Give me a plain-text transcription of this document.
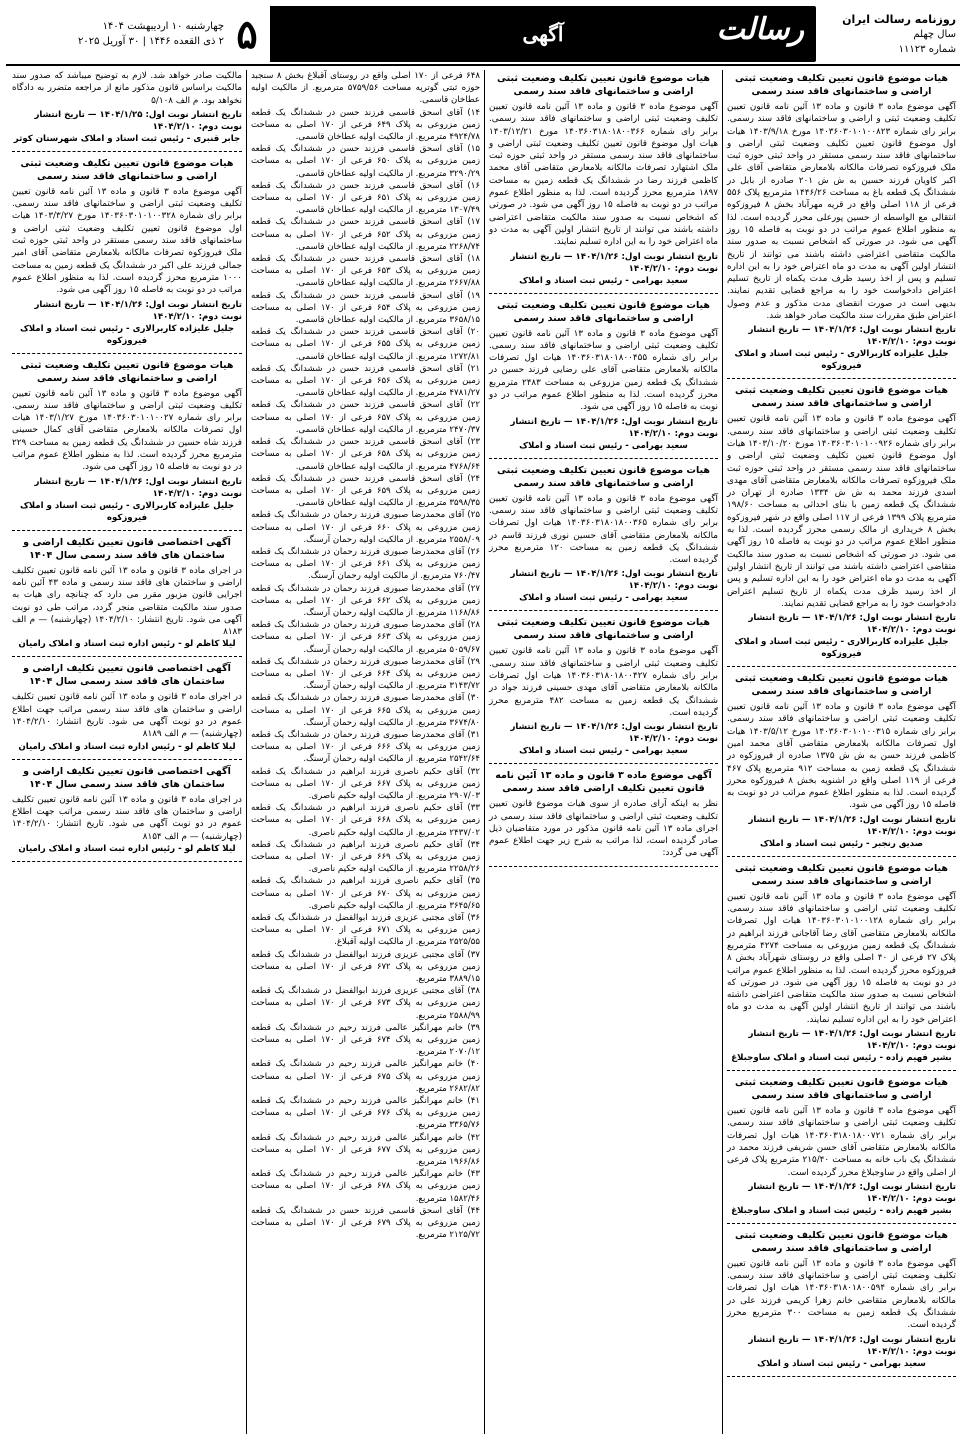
چهارشنبه ۱۰ اردیبهشت ۱۴۰۴
۲ ذی القعده ۱۴۴۶ | ۳۰ آوریل ۲۰۲۵ ۵	آگهی	رسالت	روزنامه رسالت ایران
سال چهلم
شماره ۱۱۱۲۳
هیات موضوع قانون تعیین تکلیف وضعیت ثبتی اراضی و ساختمانهای فاقد سند رسمی

آگهی موضوع ماده ۳ قانون و ماده ۱۳ آئین نامه قانون تعیین تکلیف وضعیت ثبتی و اراضی و ساختمانهای فاقد سند رسمی. برابر رای شماره ۱۴۰۳۶۰۳۰۱۰۱۰۰۸۲۳ مورخ ۱۴۰۳/۹/۱۸ هیات اول موضوع قانون تعیین تکلیف وضعیت ثبتی اراضی و ساختمانهای فاقد سند رسمی مستقر در واحد ثبتی حوزه ثبت ملک فیروزکوه تصرفات مالکانه بلامعارض متقاضی آقای علی اکبر کاویان فرزند حسین به ش ش ۲۰۱ صادره از بابل در ششدانگ یک قطعه باغ به مساحت ۱۴۴۶/۲۶ مترمربع پلاک ۵۵۶ فرعی از ۱۱۸ اصلی واقع در قریه مهرآباد بخش ۸ فیروزکوه انتقالی مع الواسطه از حسین پورعلی محرز گردیده است. لذا به منظور اطلاع عموم مراتب در دو نوبت به فاصله ۱۵ روز آگهی می شود. در صورتی که اشخاص نسبت به صدور سند مالکیت متقاضی اعتراضی داشته باشند می توانند از تاریخ انتشار اولین آگهی به مدت دو ماه اعتراض خود را به این اداره تسلیم و پس از اخذ رسید ظرف مدت یکماه از تاریخ تسلیم اعتراض دادخواست خود را به مراجع قضایی تقدیم نمایند. بدیهی است در صورت انقضای مدت مذکور و عدم وصول اعتراض طبق مقررات سند مالکیت صادر خواهد شد.

تاریخ انتشار نوبت اول: ۱۴۰۴/۱/۲۶ — تاریخ انتشار نوبت دوم: ۱۴۰۴/۲/۱۰
جلیل علیزاده کاربرالاری - رئیس ثبت اسناد و املاک فیروزکوه
هیات موضوع قانون تعیین تکلیف وضعیت ثبتی اراضی و ساختمانهای فاقد سند رسمی

آگهی موضوع ماده ۳ قانون و ماده ۱۳ آئین نامه قانون تعیین تکلیف وضعیت ثبتی اراضی و ساختمانهای فاقد سند رسمی. برابر رای شماره ۱۴۰۳۶۰۳۰۱۰۱۰۰۹۲۶ مورخ ۱۴۰۳/۱۰/۲۰ هیات اول موضوع قانون تعیین تکلیف وضعیت ثبتی اراضی و ساختمانهای فاقد سند رسمی مستقر در واحد ثبتی حوزه ثبت ملک فیروزکوه تصرفات مالکانه بلامعارض متقاضی آقای مهدی اسدی فرزند محمد به ش ش ۱۳۳۴ صادره از تهران در ششدانگ یک قطعه زمین با بنای احداثی به مساحت ۱۹۸/۶۰ مترمربع پلاک ۱۳۹۹ فرعی از ۱۱۷ اصلی واقع در شهر فیروزکوه بخش ۸ خریداری از مالک رسمی محرز گردیده است. لذا به منظور اطلاع عموم مراتب در دو نوبت به فاصله ۱۵ روز آگهی می شود. در صورتی که اشخاص نسبت به صدور سند مالکیت متقاضی اعتراضی داشته باشند می توانند از تاریخ انتشار اولین آگهی به مدت دو ماه اعتراض خود را به این اداره تسلیم و پس از اخذ رسید ظرف مدت یکماه از تاریخ تسلیم اعتراض دادخواست خود را به مراجع قضایی تقدیم نمایند.

تاریخ انتشار نوبت اول: ۱۴۰۴/۱/۲۶ — تاریخ انتشار نوبت دوم: ۱۴۰۴/۲/۱۰
جلیل علیزاده کاربرالاری - رئیس ثبت اسناد و املاک فیروزکوه
هیات موضوع قانون تعیین تکلیف وضعیت ثبتی اراضی و ساختمانهای فاقد سند رسمی

آگهی موضوع ماده ۳ قانون و ماده ۱۳ آئین نامه قانون تعیین تکلیف وضعیت ثبتی اراضی و ساختمانهای فاقد سند رسمی. برابر رای شماره ۱۴۰۳۶۰۳۰۱۰۱۰۰۳۱۵ مورخ ۱۴۰۳/۵/۱۲ هیات اول تصرفات مالکانه بلامعارض متقاضی آقای محمد امین کاظمی فرزند حسن به ش ش ۱۳۷۵ صادره از فیروزکوه در ششدانگ یک قطعه زمین به مساحت ۹۱۲ مترمربع پلاک ۴۶۷ فرعی از ۱۱۹ اصلی واقع در اشنویه بخش ۸ فیروزکوه محرز گردیده است. لذا به منظور اطلاع عموم مراتب در دو نوبت به فاصله ۱۵ روز آگهی می شود.

تاریخ انتشار نوبت اول: ۱۴۰۴/۱/۲۶ — تاریخ انتشار نوبت دوم: ۱۴۰۴/۲/۱۰
صدیق رنجبر - رئیس ثبت اسناد و املاک
هیات موضوع قانون تعیین تکلیف وضعیت ثبتی اراضی و ساختمانهای فاقد سند رسمی

آگهی موضوع ماده ۳ قانون و ماده ۱۳ آئین نامه قانون تعیین تکلیف وضعیت ثبتی اراضی و ساختمانهای فاقد سند رسمی. برابر رای شماره ۱۴۰۳۶۰۳۰۱۰۱۰۰۱۲۸ هیات اول تصرفات مالکانه بلامعارض متقاضی آقای رضا آقاجانی فرزند ابراهیم در ششدانگ یک قطعه زمین مزروعی به مساحت ۴۲۷۴ مترمربع پلاک ۲۷ فرعی از ۴۰ اصلی واقع در روستای شهرآباد بخش ۸ فیروزکوه محرز گردیده است. لذا به منظور اطلاع عموم مراتب در دو نوبت به فاصله ۱۵ روز آگهی می شود. در صورتی که اشخاص نسبت به صدور سند مالکیت متقاضی اعتراضی داشته باشند می توانند از تاریخ انتشار اولین آگهی به مدت دو ماه اعتراض خود را به این اداره تسلیم نمایند.

تاریخ انتشار نوبت اول: ۱۴۰۴/۱/۲۶ — تاریخ انتشار نوبت دوم: ۱۴۰۴/۲/۱۰
بشیر فهیم زاده - رئیس ثبت اسناد و املاک ساوجبلاغ
هیات موضوع قانون تعیین تکلیف وضعیت ثبتی اراضی و ساختمانهای فاقد سند رسمی

آگهی موضوع ماده ۳ قانون و ماده ۱۳ آئین نامه قانون تعیین تکلیف وضعیت ثبتی اراضی و ساختمانهای فاقد سند رسمی. برابر رای شماره ۱۴۰۳۶۰۳۱۸۰۱۸۰۰۷۲۱ هیات اول تصرفات مالکانه بلامعارض متقاضی آقای حسن شریفی فرزند محمد در ششدانگ یک باب خانه به مساحت ۲۱۵/۴۰ مترمربع پلاک فرعی از اصلی واقع در ساوجبلاغ محرز گردیده است.

تاریخ انتشار نوبت اول: ۱۴۰۴/۱/۲۶ — تاریخ انتشار نوبت دوم: ۱۴۰۴/۲/۱۰
بشیر فهیم زاده - رئیس ثبت اسناد و املاک ساوجبلاغ
هیات موضوع قانون تعیین تکلیف وضعیت ثبتی اراضی و ساختمانهای فاقد سند رسمی

آگهی موضوع ماده ۳ قانون و ماده ۱۳ آئین نامه قانون تعیین تکلیف وضعیت ثبتی اراضی و ساختمانهای فاقد سند رسمی. برابر رای شماره ۱۴۰۳۶۰۳۱۸۰۱۸۰۰۵۹۴ هیات اول تصرفات مالکانه بلامعارض متقاضی خانم زهرا کریمی فرزند علی در ششدانگ یک قطعه زمین به مساحت ۳۰۰ مترمربع محرز گردیده است.

تاریخ انتشار نوبت اول: ۱۴۰۴/۱/۲۶ — تاریخ انتشار نوبت دوم: ۱۴۰۴/۲/۱۰
سعید بهرامی - رئیس ثبت اسناد و املاک
هیات موضوع قانون تعیین تکلیف وضعیت ثبتی اراضی و ساختمانهای فاقد سند رسمی

آگهی موضوع ماده ۳ قانون و ماده ۱۳ آئین نامه قانون تعیین تکلیف وضعیت ثبتی اراضی و ساختمانهای فاقد سند رسمی. برابر رای شماره ۱۴۰۳۶۰۳۱۸۰۱۸۰۰۳۶۶ مورخ ۱۴۰۳/۱۲/۲۱ هیات اول موضوع قانون تعیین تکلیف وضعیت ثبتی اراضی و ساختمانهای فاقد سند رسمی مستقر در واحد ثبتی حوزه ثبت ملک اشتهارد تصرفات مالکانه بلامعارض متقاضی آقای محمد کاظمی فرزند رضا در ششدانگ یک قطعه زمین به مساحت ۱۸۹۷ مترمربع محرز گردیده است. لذا به منظور اطلاع عموم مراتب در دو نوبت به فاصله ۱۵ روز آگهی می شود. در صورتی که اشخاص نسبت به صدور سند مالکیت متقاضی اعتراضی داشته باشند می توانند از تاریخ انتشار اولین آگهی به مدت دو ماه اعتراض خود را به این اداره تسلیم نمایند.

تاریخ انتشار نوبت اول: ۱۴۰۴/۱/۲۶ — تاریخ انتشار نوبت دوم: ۱۴۰۴/۲/۱۰
سعید بهرامی - رئیس ثبت اسناد و املاک
هیات موضوع قانون تعیین تکلیف وضعیت ثبتی اراضی و ساختمانهای فاقد سند رسمی

آگهی موضوع ماده ۳ قانون و ماده ۱۳ آئین نامه قانون تعیین تکلیف وضعیت ثبتی اراضی و ساختمانهای فاقد سند رسمی. برابر رای شماره ۱۴۰۳۶۰۳۱۸۰۱۸۰۰۴۵۵ هیات اول تصرفات مالکانه بلامعارض متقاضی آقای علی رضایی فرزند حسین در ششدانگ یک قطعه زمین مزروعی به مساحت ۲۴۸۳ مترمربع محرز گردیده است. لذا به منظور اطلاع عموم مراتب در دو نوبت به فاصله ۱۵ روز آگهی می شود.

تاریخ انتشار نوبت اول: ۱۴۰۴/۱/۲۶ — تاریخ انتشار نوبت دوم: ۱۴۰۴/۲/۱۰
سعید بهرامی - رئیس ثبت اسناد و املاک
هیات موضوع قانون تعیین تکلیف وضعیت ثبتی اراضی و ساختمانهای فاقد سند رسمی

آگهی موضوع ماده ۳ قانون و ماده ۱۳ آئین نامه قانون تعیین تکلیف وضعیت ثبتی اراضی و ساختمانهای فاقد سند رسمی. برابر رای شماره ۱۴۰۳۶۰۳۱۸۰۱۸۰۰۳۶۵ هیات اول تصرفات مالکانه بلامعارض متقاضی آقای حسین نوری فرزند قاسم در ششدانگ یک قطعه زمین به مساحت ۱۲۰ مترمربع محرز گردیده است.

تاریخ انتشار نوبت اول: ۱۴۰۴/۱/۲۶ — تاریخ انتشار نوبت دوم: ۱۴۰۴/۲/۱۰
سعید بهرامی - رئیس ثبت اسناد و املاک
هیات موضوع قانون تعیین تکلیف وضعیت ثبتی اراضی و ساختمانهای فاقد سند رسمی

آگهی موضوع ماده ۳ قانون و ماده ۱۳ آئین نامه قانون تعیین تکلیف وضعیت ثبتی اراضی و ساختمانهای فاقد سند رسمی. برابر رای شماره ۱۴۰۳۶۰۳۱۸۰۱۸۰۰۴۲۷ هیات اول تصرفات مالکانه بلامعارض متقاضی آقای مهدی حسینی فرزند جواد در ششدانگ یک قطعه زمین به مساحت ۴۸۲ مترمربع محرز گردیده است.

تاریخ انتشار نوبت اول: ۱۴۰۴/۱/۲۶ — تاریخ انتشار نوبت دوم: ۱۴۰۴/۲/۱۰
سعید بهرامی - رئیس ثبت اسناد و املاک
آگهی موضوع ماده ۳ قانون و ماده ۱۳ آئین نامه قانون تعیین تکلیف اراضی فاقد سند رسمی

نظر به اینکه آرای صادره از سوی هیات موضوع قانون تعیین تکلیف وضعیت ثبتی اراضی و ساختمانهای فاقد سند رسمی در اجرای ماده ۱۳ آئین نامه قانون مذکور در مورد متقاضیان ذیل صادر گردیده است، لذا مراتب به شرح زیر جهت اطلاع عموم آگهی می گردد:

۶۴۸ فرعی از ۱۷۰ اصلی واقع در روستای آقبلاغ بخش ۸ سنجبد حوزه ثبتی گوترپه مساحت ۵۷۵۹/۵۶ مترمربع. از مالکیت اولیه عطاخان قاسمی.
۱۴) آقای اسحق قاسمی فرزند حسن در ششدانگ یک قطعه زمین مزروعی به پلاک ۶۴۹ فرعی از ۱۷۰ اصلی به مساحت ۴۹۲۴/۷۸ مترمربع. از مالکیت اولیه عطاخان قاسمی.
۱۵) آقای اسحق قاسمی فرزند حسن در ششدانگ یک قطعه زمین مزروعی به پلاک ۶۵۰ فرعی از ۱۷۰ اصلی به مساحت ۳۲۹۰/۲۹ مترمربع. از مالکیت اولیه عطاخان قاسمی.
۱۶) آقای اسحق قاسمی فرزند حسن در ششدانگ یک قطعه زمین مزروعی به پلاک ۶۵۱ فرعی از ۱۷۰ اصلی به مساحت ۱۳۰۷/۴۹ مترمربع. از مالکیت اولیه عطاخان قاسمی.
۱۷) آقای اسحق قاسمی فرزند حسن در ششدانگ یک قطعه زمین مزروعی به پلاک ۶۵۲ فرعی از ۱۷۰ اصلی به مساحت ۲۲۶۸/۷۴ مترمربع. از مالکیت اولیه عطاخان قاسمی.
۱۸) آقای اسحق قاسمی فرزند حسن در ششدانگ یک قطعه زمین مزروعی به پلاک ۶۵۳ فرعی از ۱۷۰ اصلی به مساحت ۲۶۶۷/۸۸ مترمربع. از مالکیت اولیه عطاخان قاسمی.
۱۹) آقای اسحق قاسمی فرزند حسن در ششدانگ یک قطعه زمین مزروعی به پلاک ۶۵۴ فرعی از ۱۷۰ اصلی به مساحت ۳۶۵۸/۱۵ مترمربع. از مالکیت اولیه عطاخان قاسمی.
۲۰) آقای اسحق قاسمی فرزند حسن در ششدانگ یک قطعه زمین مزروعی به پلاک ۶۵۵ فرعی از ۱۷۰ اصلی به مساحت ۱۲۷۲/۸۱ مترمربع. از مالکیت اولیه عطاخان قاسمی.
۲۱) آقای اسحق قاسمی فرزند حسن در ششدانگ یک قطعه زمین مزروعی به پلاک ۶۵۶ فرعی از ۱۷۰ اصلی به مساحت ۴۷۸۱/۲۷ مترمربع. از مالکیت اولیه عطاخان قاسمی.
۲۲) آقای اسحق قاسمی فرزند حسن در ششدانگ یک قطعه زمین مزروعی به پلاک ۶۵۷ فرعی از ۱۷۰ اصلی به مساحت ۲۴۷۰/۳۷ مترمربع. از مالکیت اولیه عطاخان قاسمی.
۲۳) آقای اسحق قاسمی فرزند حسن در ششدانگ یک قطعه زمین مزروعی به پلاک ۶۵۸ فرعی از ۱۷۰ اصلی به مساحت ۴۷۶۸/۶۴ مترمربع. از مالکیت اولیه عطاخان قاسمی.
۲۴) آقای اسحق قاسمی فرزند حسن در ششدانگ یک قطعه زمین مزروعی به پلاک ۶۵۹ فرعی از ۱۷۰ اصلی به مساحت ۳۵۹۸/۳۵ مترمربع. از مالکیت اولیه عطاخان قاسمی.
۲۵) آقای محمدرضا صبوری فرزند رحمان در ششدانگ یک قطعه زمین مزروعی به پلاک ۶۶۰ فرعی از ۱۷۰ اصلی به مساحت ۲۵۵۸/۰۹ مترمربع. از مالکیت اولیه رحمان آرسنگ.
۲۶) آقای محمدرضا صبوری فرزند رحمان در ششدانگ یک قطعه زمین مزروعی به پلاک ۶۶۱ فرعی از ۱۷۰ اصلی به مساحت ۷۶۰/۴۷ مترمربع. از مالکیت اولیه رحمان آرسنگ.
۲۷) آقای محمدرضا صبوری فرزند رحمان در ششدانگ یک قطعه زمین مزروعی به پلاک ۶۶۲ فرعی از ۱۷۰ اصلی به مساحت ۱۱۶۸/۸۶ مترمربع. از مالکیت اولیه رحمان آرسنگ.
۲۸) آقای محمدرضا صبوری فرزند رحمان در ششدانگ یک قطعه زمین مزروعی به پلاک ۶۶۳ فرعی از ۱۷۰ اصلی به مساحت ۵۰۵۹/۶۷ مترمربع. از مالکیت اولیه رحمان آرسنگ.
۲۹) آقای محمدرضا صبوری فرزند رحمان در ششدانگ یک قطعه زمین مزروعی به پلاک ۶۶۴ فرعی از ۱۷۰ اصلی به مساحت ۳۱۴۳/۷۲ مترمربع. از مالکیت اولیه رحمان آرسنگ.
۳۰) آقای محمدرضا صبوری فرزند رحمان در ششدانگ یک قطعه زمین مزروعی به پلاک ۶۶۵ فرعی از ۱۷۰ اصلی به مساحت ۳۶۷۴/۸۰ مترمربع. از مالکیت اولیه رحمان آرسنگ.
۳۱) آقای محمدرضا صبوری فرزند رحمان در ششدانگ یک قطعه زمین مزروعی به پلاک ۶۶۶ فرعی از ۱۷۰ اصلی به مساحت ۲۵۴۲/۶۴ مترمربع. از مالکیت اولیه رحمان آرسنگ.
۳۲) آقای حکیم ناصری فرزند ابراهیم در ششدانگ یک قطعه زمین مزروعی به پلاک ۶۶۷ فرعی از ۱۷۰ اصلی به مساحت ۲۹۰۷/۰۳ مترمربع. از مالکیت اولیه حکیم ناصری.
۳۳) آقای حکیم ناصری فرزند ابراهیم در ششدانگ یک قطعه زمین مزروعی به پلاک ۶۶۸ فرعی از ۱۷۰ اصلی به مساحت ۲۴۳۷/۰۲ مترمربع. از مالکیت اولیه حکیم ناصری.
۳۴) آقای حکیم ناصری فرزند ابراهیم در ششدانگ یک قطعه زمین مزروعی به پلاک ۶۶۹ فرعی از ۱۷۰ اصلی به مساحت ۲۲۵۸/۲۶ مترمربع. از مالکیت اولیه حکیم ناصری.
۳۵) آقای حکیم ناصری فرزند ابراهیم در ششدانگ یک قطعه زمین مزروعی به پلاک ۶۷۰ فرعی از ۱۷۰ اصلی به مساحت ۳۶۴۵/۶۵ مترمربع. از مالکیت اولیه حکیم ناصری.
۳۶) آقای مجتبی عزیزی فرزند ابوالفضل در ششدانگ یک قطعه زمین مزروعی به پلاک ۶۷۱ فرعی از ۱۷۰ اصلی به مساحت ۲۵۲۵/۵۵ مترمربع. از مالکیت اولیه آقبلاغ.
۳۷) آقای مجتبی عزیزی فرزند ابوالفضل در ششدانگ یک قطعه زمین مزروعی به پلاک ۶۷۲ فرعی از ۱۷۰ اصلی به مساحت ۳۸۸۹/۱۵ مترمربع.
۳۸) آقای مجتبی عزیزی فرزند ابوالفضل در ششدانگ یک قطعه زمین مزروعی به پلاک ۶۷۳ فرعی از ۱۷۰ اصلی به مساحت ۲۵۸۸/۹۹ مترمربع.
۳۹) خانم مهرانگیز عالمی فرزند رحیم در ششدانگ یک قطعه زمین مزروعی به پلاک ۶۷۴ فرعی از ۱۷۰ اصلی به مساحت ۲۰۷۰/۱۲ مترمربع.
۴۰) خانم مهرانگیز عالمی فرزند رحیم در ششدانگ یک قطعه زمین مزروعی به پلاک ۶۷۵ فرعی از ۱۷۰ اصلی به مساحت ۲۶۸۲/۸۲ مترمربع.
۴۱) خانم مهرانگیز عالمی فرزند رحیم در ششدانگ یک قطعه زمین مزروعی به پلاک ۶۷۶ فرعی از ۱۷۰ اصلی به مساحت ۳۳۶۵/۷۶ مترمربع.
۴۲) خانم مهرانگیز عالمی فرزند رحیم در ششدانگ یک قطعه زمین مزروعی به پلاک ۶۷۷ فرعی از ۱۷۰ اصلی به مساحت ۱۹۶۶/۸۶ مترمربع.
۴۳) خانم مهرانگیز عالمی فرزند رحیم در ششدانگ یک قطعه زمین مزروعی به پلاک ۶۷۸ فرعی از ۱۷۰ اصلی به مساحت ۱۵۸۲/۴۶ مترمربع.
۴۴) آقای اسحق قاسمی فرزند حسن در ششدانگ یک قطعه زمین مزروعی به پلاک ۶۷۹ فرعی از ۱۷۰ اصلی به مساحت ۲۱۲۵/۷۲ مترمربع.

مالکیت صادر خواهد شد. لازم به توضیح میباشد که صدور سند مالکیت براساس قانون مذکور مانع از مراجعه متضرر به دادگاه نخواهد بود. م الف ۵/۱۰۸

تاریخ انتشار نوبت اول: ۱۴۰۴/۱/۲۵ — تاریخ انتشار نوبت دوم: ۱۴۰۴/۲/۱۰
جابر قنبری - رئیس ثبت اسناد و املاک شهرستان کوثر
هیات موضوع قانون تعیین تکلیف وضعیت ثبتی اراضی و ساختمانهای فاقد سند رسمی

آگهی موضوع ماده ۳ قانون و ماده ۱۳ آئین نامه قانون تعیین تکلیف وضعیت ثبتی اراضی و ساختمانهای فاقد سند رسمی. برابر رای شماره ۱۴۰۳۶۰۳۰۱۰۱۰۰۳۲۸ مورخ ۱۴۰۳/۳/۲۷ هیات اول موضوع قانون تعیین تکلیف وضعیت ثبتی اراضی و ساختمانهای فاقد سند رسمی مستقر در واحد ثبتی حوزه ثبت ملک فیروزکوه تصرفات مالکانه بلامعارض متقاضی آقای امیر جمالی فرزند علی اکبر در ششدانگ یک قطعه زمین به مساحت ۱۰۰۰ مترمربع محرز گردیده است. لذا به منظور اطلاع عموم مراتب در دو نوبت به فاصله ۱۵ روز آگهی می شود.

تاریخ انتشار نوبت اول: ۱۴۰۴/۱/۲۶ — تاریخ انتشار نوبت دوم: ۱۴۰۴/۲/۱۰
جلیل علیزاده کاربرالاری - رئیس ثبت اسناد و املاک فیروزکوه
هیات موضوع قانون تعیین تکلیف وضعیت ثبتی اراضی و ساختمانهای فاقد سند رسمی

آگهی موضوع ماده ۳ قانون و ماده ۱۳ آئین نامه قانون تعیین تکلیف وضعیت ثبتی اراضی و ساختمانهای فاقد سند رسمی. برابر رای شماره ۱۴۰۳۶۰۳۰۱۰۱۰۰۲۷ مورخ ۱۴۰۳/۱/۲۷ هیات اول تصرفات مالکانه بلامعارض متقاضی آقای کمال حسینی فرزند شاه حسین در ششدانگ یک قطعه زمین به مساحت ۲۲۹ مترمربع محرز گردیده است. لذا به منظور اطلاع عموم مراتب در دو نوبت به فاصله ۱۵ روز آگهی می شود.

تاریخ انتشار نوبت اول: ۱۴۰۴/۱/۲۶ — تاریخ انتشار نوبت دوم: ۱۴۰۴/۲/۱۰
جلیل علیزاده کاربرالاری - رئیس ثبت اسناد و املاک فیروزکوه
آگهی اختصاصی قانون تعیین تکلیف اراضی و ساختمان های فاقد سند رسمی سال ۱۴۰۴

در اجرای ماده ۳ قانون و ماده ۱۳ آئین نامه قانون تعیین تکلیف اراضی و ساختمان های فاقد سند رسمی و ماده ۴۳ آئین نامه اجرایی قانون مزبور مقرر می دارد که چنانچه رای هیات به صدور سند مالکیت متقاضی منجر گردد، مراتب طی دو نوبت آگهی می شود. تاریخ انتشار: ۱۴۰۴/۲/۱۰ (چهارشنبه) — م الف ۸۱۸۳

لیلا کاظم لو - رئیس اداره ثبت اسناد و املاک رامیان
آگهی اختصاصی قانون تعیین تکلیف اراضی و ساختمان های فاقد سند رسمی سال ۱۴۰۴

در اجرای ماده ۳ قانون و ماده ۱۳ آئین نامه قانون تعیین تکلیف اراضی و ساختمان های فاقد سند رسمی مراتب جهت اطلاع عموم در دو نوبت آگهی می شود. تاریخ انتشار: ۱۴۰۴/۲/۱۰ (چهارشنبه) — م الف ۸۱۸۹

لیلا کاظم لو - رئیس اداره ثبت اسناد و املاک رامیان
آگهی اختصاصی قانون تعیین تکلیف اراضی و ساختمان های فاقد سند رسمی سال ۱۴۰۴

در اجرای ماده ۳ قانون و ماده ۱۳ آئین نامه قانون تعیین تکلیف اراضی و ساختمان های فاقد سند رسمی مراتب جهت اطلاع عموم در دو نوبت آگهی می شود. تاریخ انتشار: ۱۴۰۴/۲/۱۰ (چهارشنبه) — م الف ۸۱۵۴

لیلا کاظم لو - رئیس اداره ثبت اسناد و املاک رامیان
